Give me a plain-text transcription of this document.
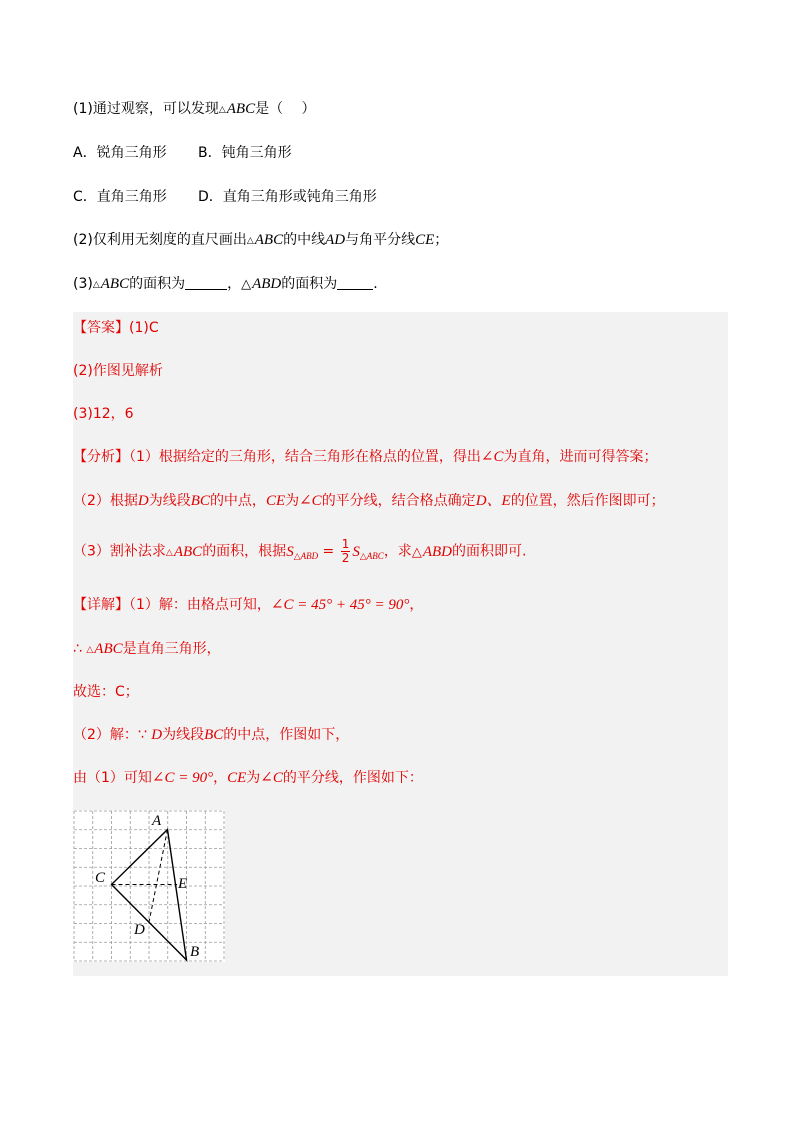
(1)通过观察，可以发现△ABC是（　 ）
A．锐角三角形 B．钝角三角形
C．直角三角形 D．直角三角形或钝角三角形
(2)仅利用无刻度的直尺画出△ABC的中线AD与角平分线CE；
(3)△ABC的面积为	，△ABD的面积为	.
【答案】(1)C
(2)作图见解析
(3)12，6
【分析】（1）根据给定的三角形，结合三角形在格点的位置，得出∠C为直角，进而可得答案；
（2）根据D为线段BC的中点，CE为∠C的平分线，结合格点确定D、E的位置，然后作图即可；
（3）割补法求△ABC的面积，根据$S_{\triangle ABD} = \frac{1}{2} S_{\triangle ABC}$，求△ABD的面积即可.
【详解】（1）解：由格点可知，∠C = 45° + 45° = 90°，
∴ △ABC是直角三角形，
故选：C；
（2）解：∵ D为线段BC的中点，作图如下，
由（1）可知∠C = 90°，CE为∠C的平分线，作图如下：
A
B
C
D
E
